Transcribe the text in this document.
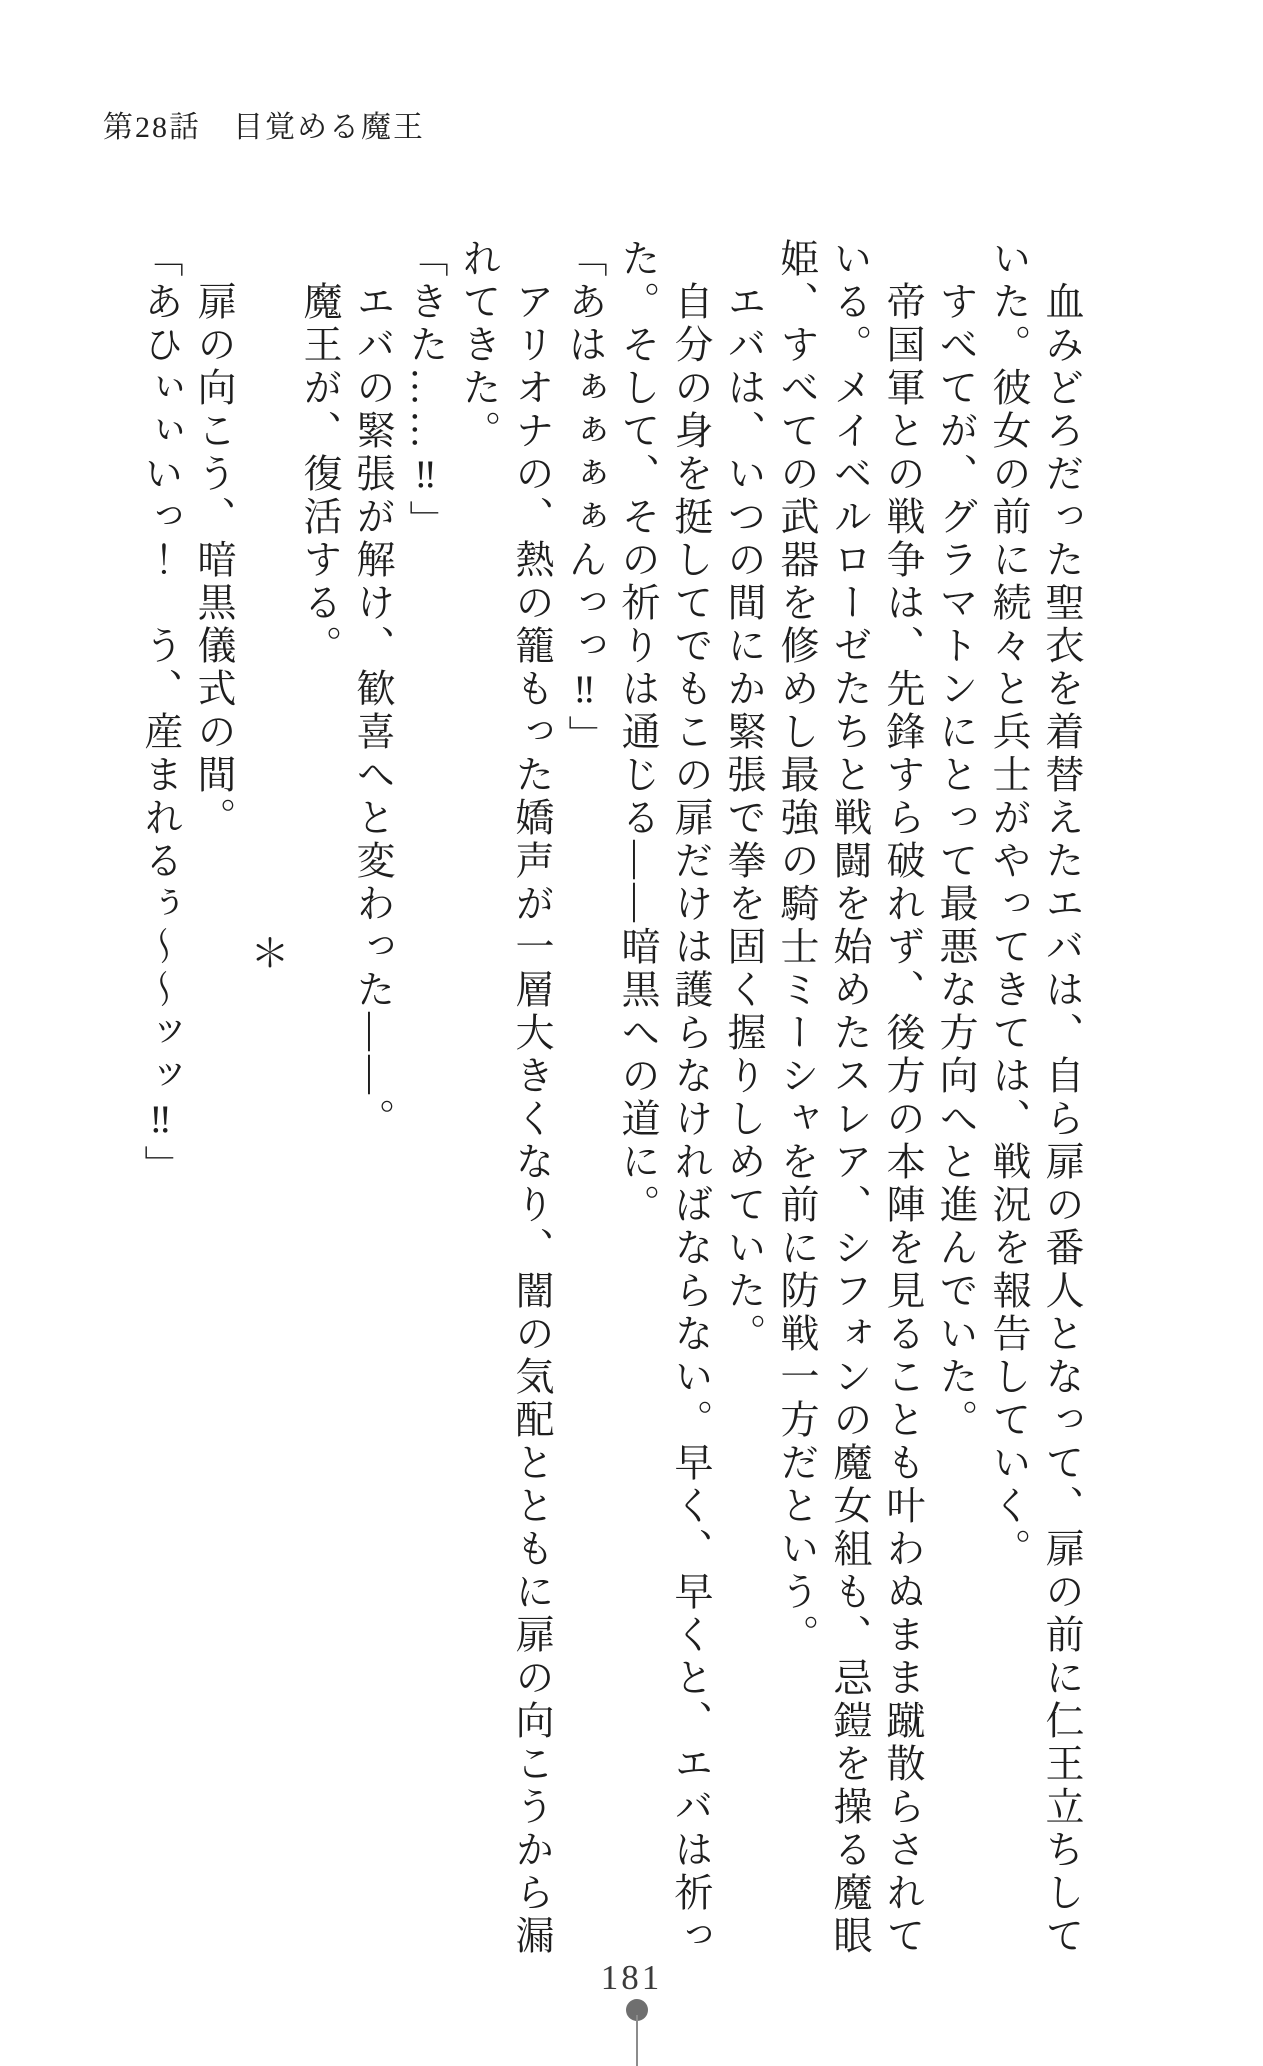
第28話　目覚める魔王
血みどろだった聖衣を着替えたエバは、自ら扉の番人となって、扉の前に仁王立ちして
いた。彼女の前に続々と兵士がやってきては、戦況を報告していく。
すべてが、グラマトンにとって最悪な方向へと進んでいた。
帝国軍との戦争は、先鋒すら破れず、後方の本陣を見ることも叶わぬまま蹴散らされて
いる。メイベルローゼたちと戦闘を始めたスレア、シフォンの魔女組も、忌鎧を操る魔眼
姫、すべての武器を修めし最強の騎士ミーシャを前に防戦一方だという。
エバは、いつの間にか緊張で拳を固く握りしめていた。
自分の身を挺してでもこの扉だけは護らなければならない。早く、早くと、エバは祈っ
た。そして、その祈りは通じる――暗黒への道に。
「あはぁぁぁぁんっっ‼」
アリオナの、熱の籠もった嬌声が一層大きくなり、闇の気配とともに扉の向こうから漏
れてきた。
「きた……‼」
エバの緊張が解け、歓喜へと変わった――。
魔王が、復活する。
＊
扉の向こう、暗黒儀式の間。
「あひぃぃいっ！　う、産まれるぅ〜〜ッッ‼」
181
